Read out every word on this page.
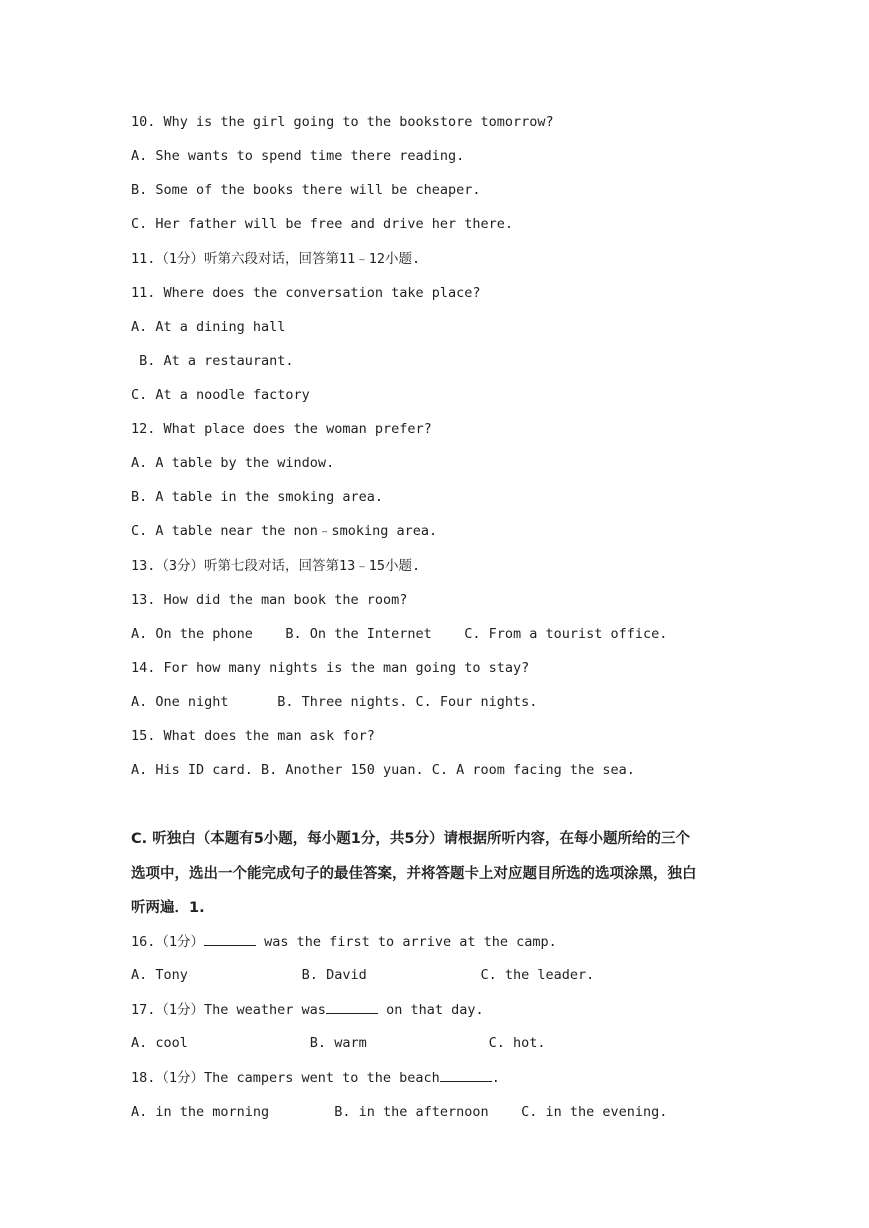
10. Why is the girl going to the bookstore tomorrow?
A. She wants to spend time there reading.
B. Some of the books there will be cheaper.
C. Her father will be free and drive her there.
11.（1分）听第六段对话，回答第11﹣12小题.
11. Where does the conversation take place?
A. At a dining hall
B. At a restaurant.
C. At a noodle factory
12. What place does the woman prefer?
A. A table by the window.
B. A table in the smoking area.
C. A table near the non﹣smoking area.
13.（3分）听第七段对话，回答第13﹣15小题.
13. How did the man book the room?
A. On the phone    B. On the Internet    C. From a tourist office.
14. For how many nights is the man going to stay?
A. One night      B. Three nights. C. Four nights.
15. What does the man ask for?
A. His ID card. B. Another 150 yuan. C. A room facing the sea.
C. 听独白（本题有5小题，每小题1分，共5分）请根据所听内容，在每小题所给的三个
选项中，选出一个能完成句子的最佳答案，并将答题卡上对应题目所选的选项涂黑，独白
听两遍．1.
16.（1分）	was the first to arrive at the camp.
A. Tony              B. David              C. the leader.
17.（1分）The weather was	on that day.
A. cool               B. warm               C. hot.
18.（1分）The campers went to the beach	.
A. in the morning        B. in the afternoon    C. in the evening.
